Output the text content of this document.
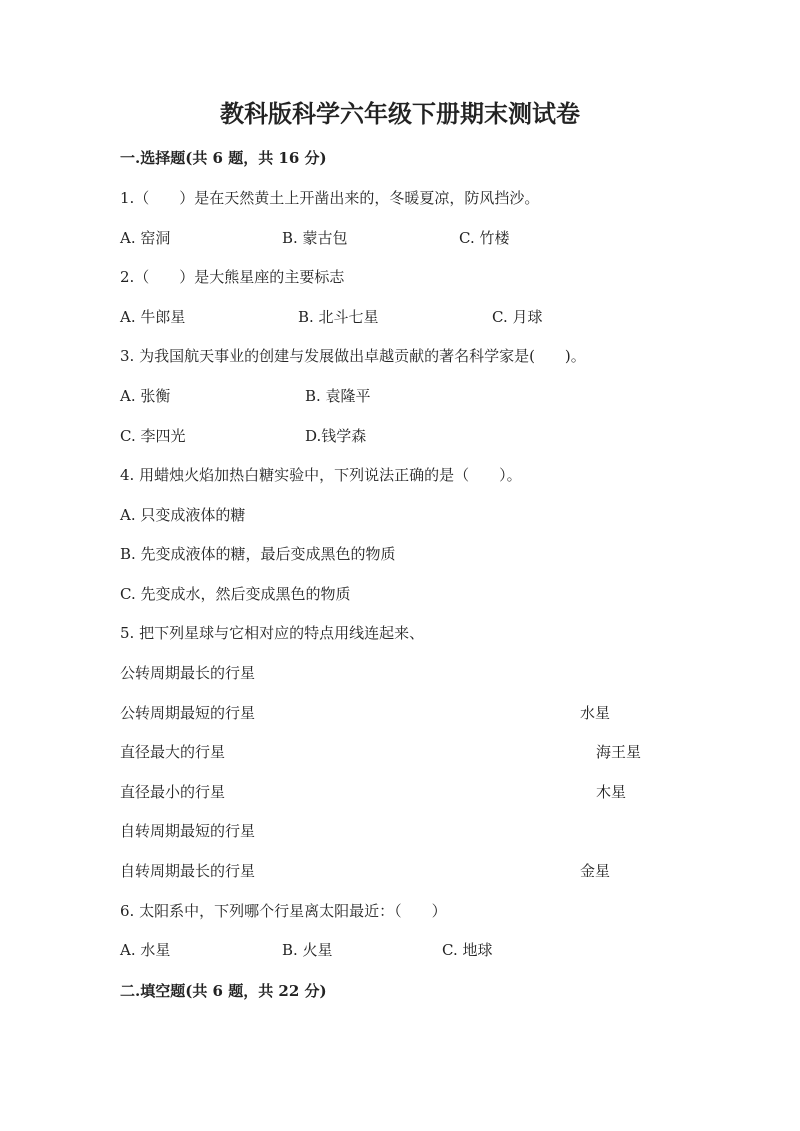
教科版科学六年级下册期末测试卷
一.选择题(共 6 题，共 16 分)
1.（　　）是在天然黄土上开凿出来的，冬暖夏凉，防风挡沙。
A. 窑洞	B. 蒙古包	C. 竹楼
2.（　　）是大熊星座的主要标志
A. 牛郎星	B. 北斗七星	C. 月球
3. 为我国航天事业的创建与发展做出卓越贡献的著名科学家是(　　)。
A. 张衡	B. 袁隆平
C. 李四光	D.钱学森
4. 用蜡烛火焰加热白糖实验中，下列说法正确的是（　　）。
A. 只变成液体的糖
B. 先变成液体的糖，最后变成黑色的物质
C. 先变成水，然后变成黑色的物质
5. 把下列星球与它相对应的特点用线连起来、
公转周期最长的行星
公转周期最短的行星	水星
直径最大的行星	海王星
直径最小的行星	木星
自转周期最短的行星
自转周期最长的行星	金星
6. 太阳系中，下列哪个行星离太阳最近：（　　）
A. 水星	B. 火星	C. 地球
二.填空题(共 6 题，共 22 分)
